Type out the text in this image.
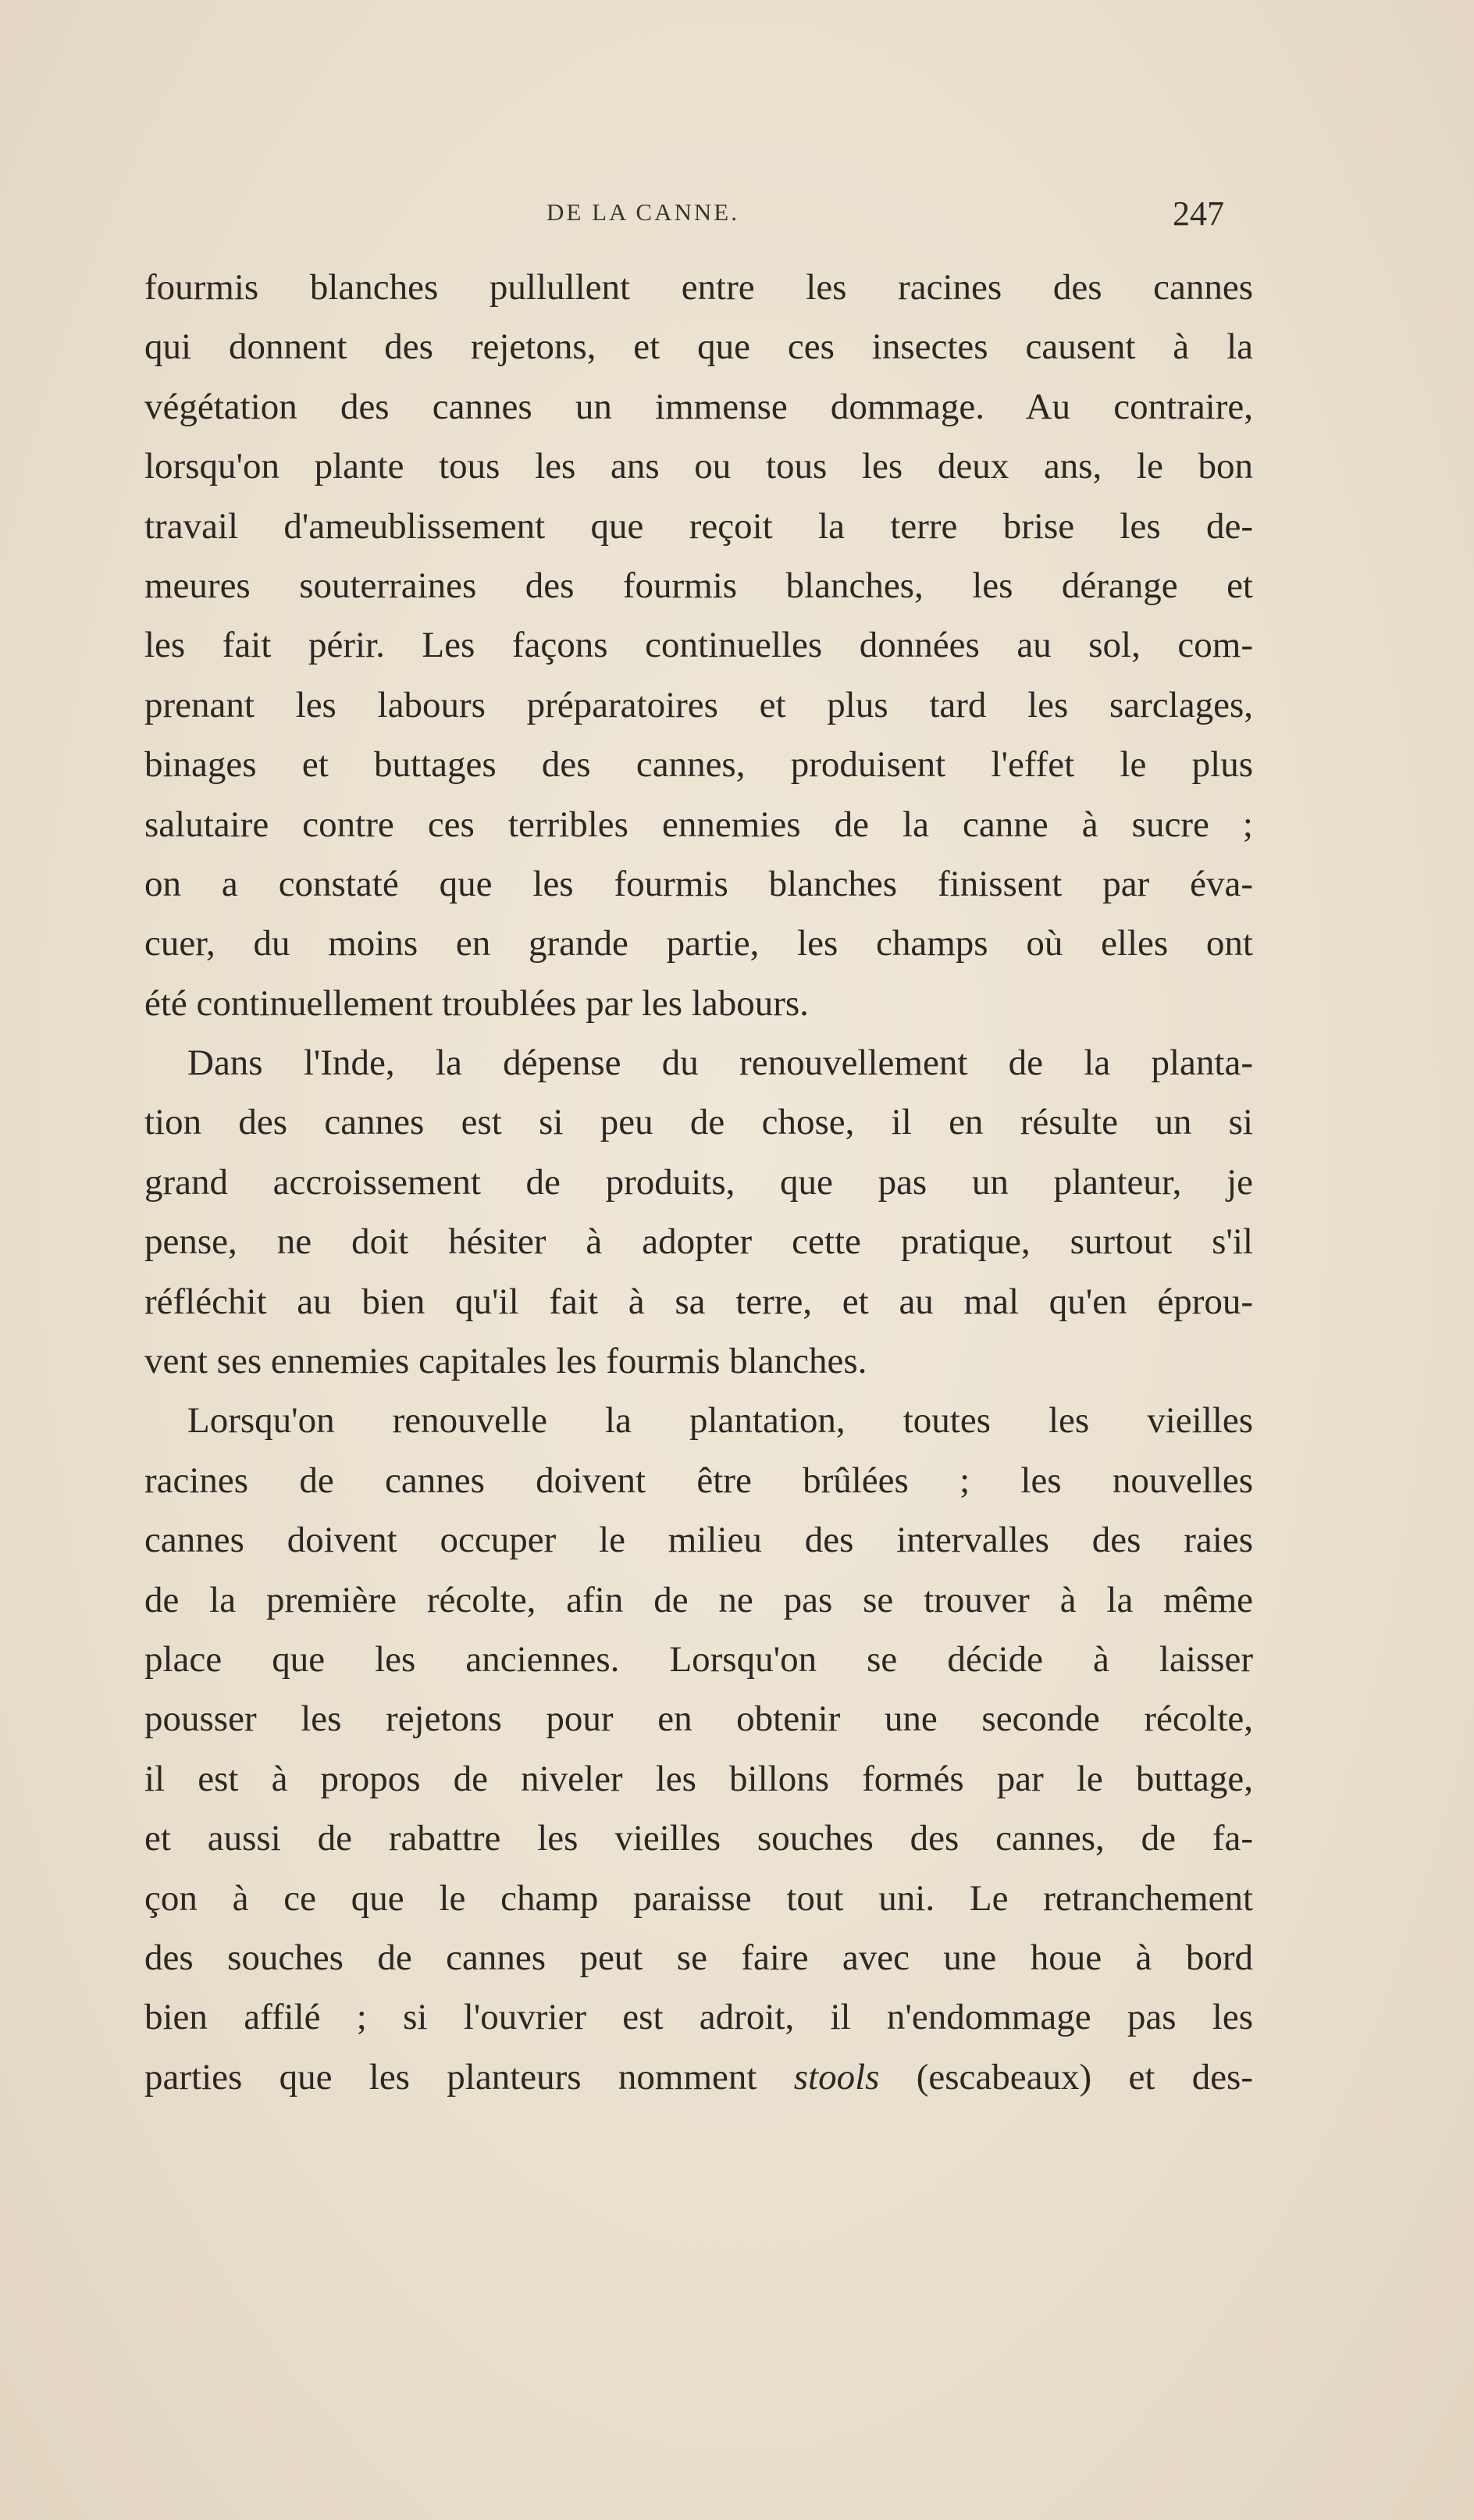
DE LA CANNE.	247
fourmis blanches pullullent entre les racines des cannes
qui donnent des rejetons, et que ces insectes causent à la
végétation des cannes un immense dommage. Au contraire,
lorsqu'on plante tous les ans ou tous les deux ans, le bon
travail d'ameublissement que reçoit la terre brise les de-
meures souterraines des fourmis blanches, les dérange et
les fait périr. Les façons continuelles données au sol, com-
prenant les labours préparatoires et plus tard les sarclages,
binages et buttages des cannes, produisent l'effet le plus
salutaire contre ces terribles ennemies de la canne à sucre ;
on a constaté que les fourmis blanches finissent par éva-
cuer, du moins en grande partie, les champs où elles ont
été continuellement troublées par les labours.
Dans l'Inde, la dépense du renouvellement de la planta-
tion des cannes est si peu de chose, il en résulte un si
grand accroissement de produits, que pas un planteur, je
pense, ne doit hésiter à adopter cette pratique, surtout s'il
réfléchit au bien qu'il fait à sa terre, et au mal qu'en éprou-
vent ses ennemies capitales les fourmis blanches.
Lorsqu'on renouvelle la plantation, toutes les vieilles
racines de cannes doivent être brûlées ; les nouvelles
cannes doivent occuper le milieu des intervalles des raies
de la première récolte, afin de ne pas se trouver à la même
place que les anciennes. Lorsqu'on se décide à laisser
pousser les rejetons pour en obtenir une seconde récolte,
il est à propos de niveler les billons formés par le buttage,
et aussi de rabattre les vieilles souches des cannes, de fa-
çon à ce que le champ paraisse tout uni. Le retranchement
des souches de cannes peut se faire avec une houe à bord
bien affilé ; si l'ouvrier est adroit, il n'endommage pas les
parties que les planteurs nomment stools (escabeaux) et des-
